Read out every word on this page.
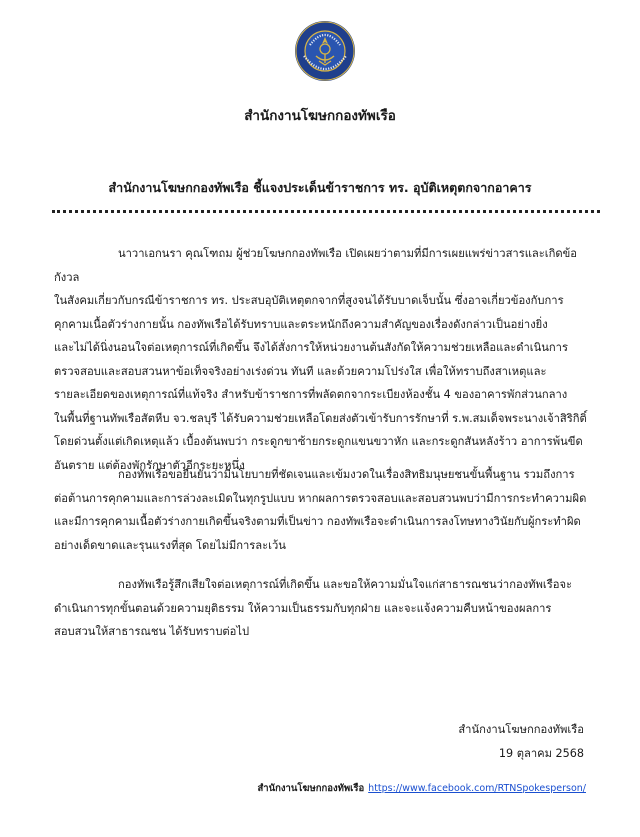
สำนักงานโฆษกกองทัพเรือ
สำนักงานโฆษกกองทัพเรือ ชี้แจงประเด็นข้าราชการ ทร. อุบัติเหตุตกจากอาคาร

นาวาเอกนรา คุณโฑถม ผู้ช่วยโฆษกกองทัพเรือ เปิดเผยว่าตามที่มีการเผยแพร่ข่าวสารและเกิดข้อกังวล
ในสังคมเกี่ยวกับกรณีข้าราชการ ทร. ประสบอุบัติเหตุตกจากที่สูงจนได้รับบาดเจ็บนั้น ซึ่งอาจเกี่ยวข้องกับการ
คุกคามเนื้อตัวร่างกายนั้น กองทัพเรือได้รับทราบและตระหนักถึงความสำคัญของเรื่องดังกล่าวเป็นอย่างยิ่ง
และไม่ได้นิ่งนอนใจต่อเหตุการณ์ที่เกิดขึ้น จึงได้สั่งการให้หน่วยงานต้นสังกัดให้ความช่วยเหลือและดำเนินการ
ตรวจสอบและสอบสวนหาข้อเท็จจริงอย่างเร่งด่วน ทันที และด้วยความโปร่งใส เพื่อให้ทราบถึงสาเหตุและ
รายละเอียดของเหตุการณ์ที่แท้จริง สำหรับข้าราชการที่พลัดตกจากระเบียงห้องชั้น 4 ของอาคารพักส่วนกลาง
ในพื้นที่ฐานทัพเรือสัตหีบ จว.ชลบุรี ได้รับความช่วยเหลือโดยส่งตัวเข้ารับการรักษาที่ ร.พ.สมเด็จพระนางเจ้าสิริกิติ์
โดยด่วนตั้งแต่เกิดเหตุแล้ว เบื้องต้นพบว่า กระดูกขาซ้ายกระดูกแขนขวาหัก และกระดูกสันหลังร้าว อาการพ้นขีด
อันตราย แต่ต้องพักรักษาตัวอีกระยะหนึ่ง

กองทัพเรือขอยืนยันว่ามีนโยบายที่ชัดเจนและเข้มงวดในเรื่องสิทธิมนุษยชนขั้นพื้นฐาน รวมถึงการ
ต่อต้านการคุกคามและการล่วงละเมิดในทุกรูปแบบ หากผลการตรวจสอบและสอบสวนพบว่ามีการกระทำความผิด
และมีการคุกคามเนื้อตัวร่างกายเกิดขึ้นจริงตามที่เป็นข่าว กองทัพเรือจะดำเนินการลงโทษทางวินัยกับผู้กระทำผิด
อย่างเด็ดขาดและรุนแรงที่สุด โดยไม่มีการละเว้น

กองทัพเรือรู้สึกเสียใจต่อเหตุการณ์ที่เกิดขึ้น และขอให้ความมั่นใจแก่สาธารณชนว่ากองทัพเรือจะ
ดำเนินการทุกขั้นตอนด้วยความยุติธรรม ให้ความเป็นธรรมกับทุกฝ่าย และจะแจ้งความคืบหน้าของผลการ
สอบสวนให้สาธารณชน ได้รับทราบต่อไป

สำนักงานโฆษกกองทัพเรือ
19 ตุลาคม 2568
สำนักงานโฆษกกองทัพเรือ https://www.facebook.com/RTNSpokesperson/
